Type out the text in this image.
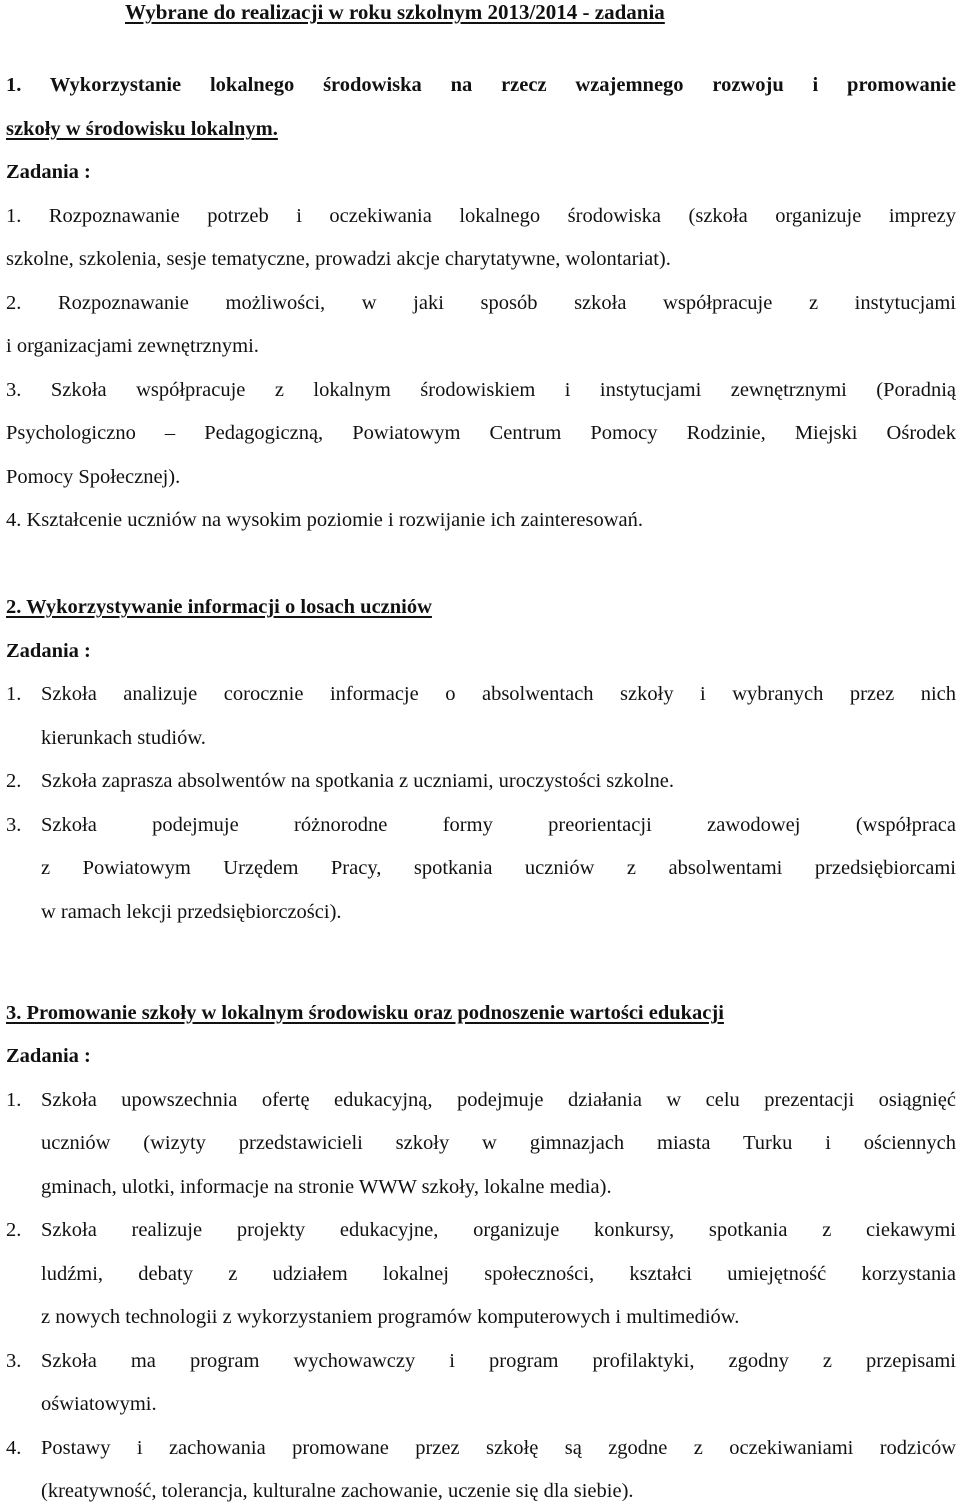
Wybrane do realizacji w roku szkolnym 2013/2014 - zadania
1. Wykorzystanie lokalnego środowiska na rzecz wzajemnego rozwoju i promowanie
szkoły w środowisku lokalnym.
Zadania :
1. Rozpoznawanie potrzeb i oczekiwania lokalnego środowiska (szkoła organizuje imprezy
szkolne, szkolenia, sesje tematyczne, prowadzi akcje charytatywne, wolontariat).
2. Rozpoznawanie możliwości, w jaki sposób szkoła współpracuje z instytucjami
i organizacjami zewnętrznymi.
3. Szkoła współpracuje z lokalnym środowiskiem i instytucjami zewnętrznymi (Poradnią
Psychologiczno – Pedagogiczną, Powiatowym Centrum Pomocy Rodzinie, Miejski Ośrodek
Pomocy Społecznej).
4. Kształcenie uczniów na wysokim poziomie i rozwijanie ich zainteresowań.
2. Wykorzystywanie informacji o losach uczniów
Zadania :
1. Szkoła analizuje corocznie informacje o absolwentach szkoły i wybranych przez nich
kierunkach studiów.
2. Szkoła zaprasza absolwentów na spotkania z uczniami, uroczystości szkolne.
3. Szkoła podejmuje różnorodne formy preorientacji zawodowej (współpraca
z Powiatowym Urzędem Pracy, spotkania uczniów z absolwentami przedsiębiorcami
w ramach lekcji przedsiębiorczości).
3. Promowanie szkoły w lokalnym środowisku oraz podnoszenie wartości edukacji
Zadania :
1. Szkoła upowszechnia ofertę edukacyjną, podejmuje działania w celu prezentacji osiągnięć
uczniów (wizyty przedstawicieli szkoły w gimnazjach miasta Turku i ościennych
gminach, ulotki, informacje na stronie WWW szkoły, lokalne media).
2. Szkoła realizuje projekty edukacyjne, organizuje konkursy, spotkania z ciekawymi
ludźmi, debaty z udziałem lokalnej społeczności, kształci umiejętność korzystania
z nowych technologii z wykorzystaniem programów komputerowych i multimediów.
3. Szkoła ma program wychowawczy i program profilaktyki, zgodny z przepisami
oświatowymi.
4. Postawy i zachowania promowane przez szkołę są zgodne z oczekiwaniami rodziców
(kreatywność, tolerancja, kulturalne zachowanie, uczenie się dla siebie).
